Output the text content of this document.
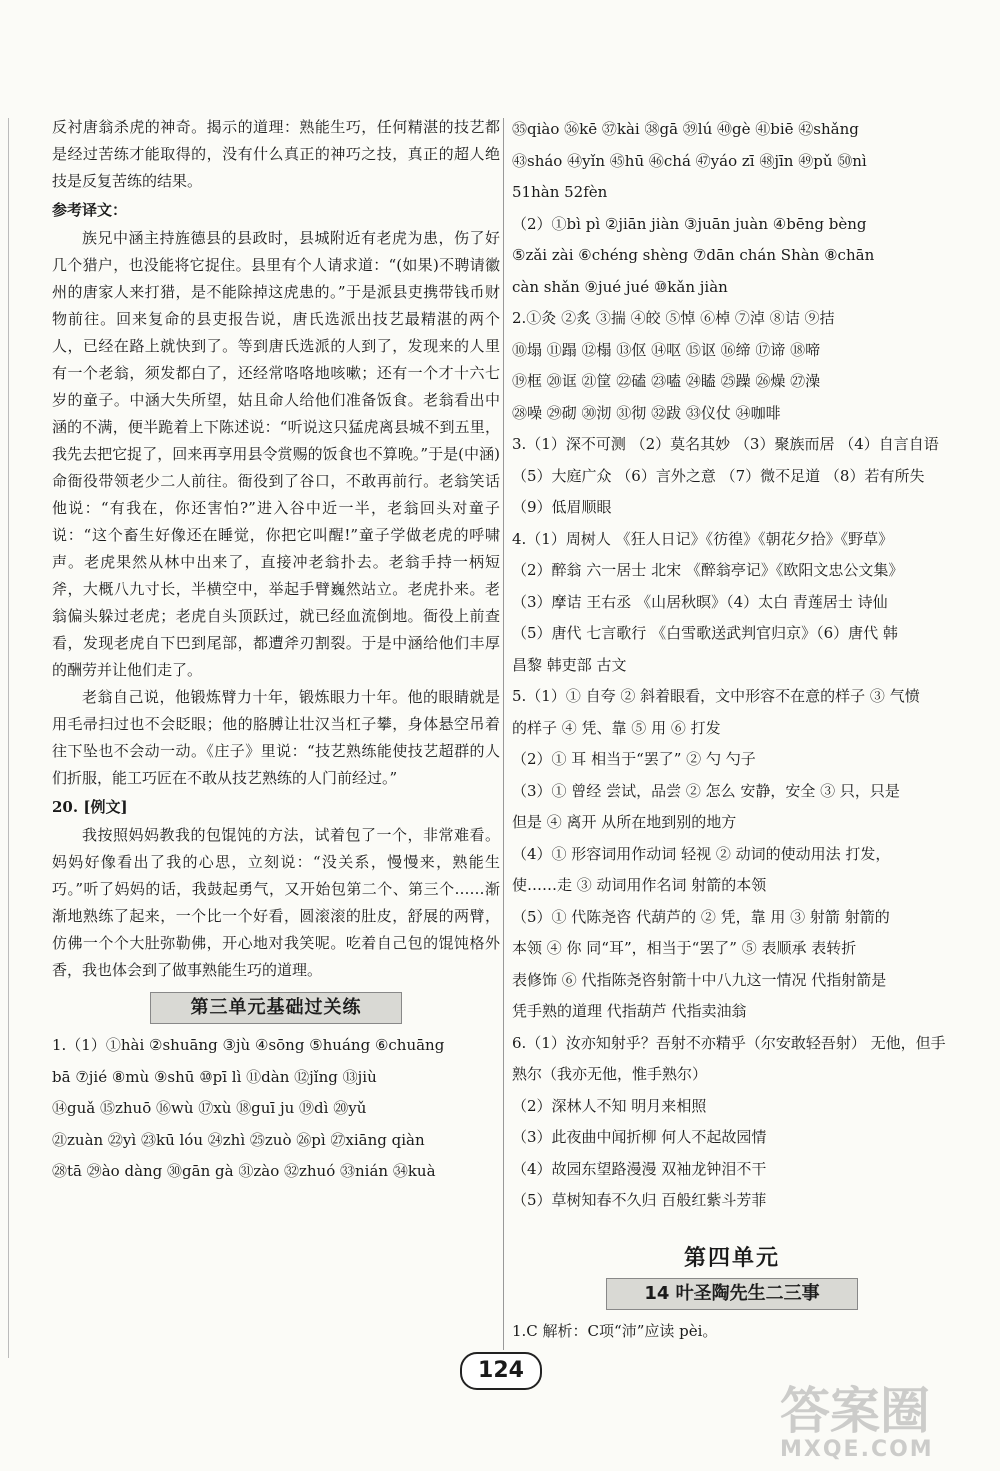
反衬唐翁杀虎的神奇。揭示的道理：熟能生巧，任何精湛的技艺都是经过苦练才能取得的，没有什么真正的神巧之技，真正的超人绝技是反复苦练的结果。

参考译文：

族兄中涵主持旌德县的县政时，县城附近有老虎为患，伤了好几个猎户，也没能将它捉住。县里有个人请求道：“(如果)不聘请徽州的唐家人来打猎，是不能除掉这虎患的。”于是派县吏携带钱币财物前往。回来复命的县吏报告说，唐氏选派出技艺最精湛的两个人，已经在路上就快到了。等到唐氏选派的人到了，发现来的人里有一个老翁，须发都白了，还经常咯咯地咳嗽；还有一个才十六七岁的童子。中涵大失所望，姑且命人给他们准备饭食。老翁看出中涵的不满，便半跪着上下陈述说：“听说这只猛虎离县城不到五里，我先去把它捉了，回来再享用县令赏赐的饭食也不算晚。”于是(中涵)命衙役带领老少二人前往。衙役到了谷口，不敢再前行。老翁笑话他说：“有我在，你还害怕?”进入谷中近一半，老翁回头对童子说：“这个畜生好像还在睡觉，你把它叫醒!”童子学做老虎的呼啸声。老虎果然从林中出来了，直接冲老翁扑去。老翁手持一柄短斧，大概八九寸长，半横空中，举起手臂巍然站立。老虎扑来。老翁偏头躲过老虎；老虎自头顶跃过，就已经血流倒地。衙役上前查看，发现老虎自下巴到尾部，都遭斧刃割裂。于是中涵给他们丰厚的酬劳并让他们走了。

老翁自己说，他锻炼臂力十年，锻炼眼力十年。他的眼睛就是用毛帚扫过也不会眨眼；他的胳膊让壮汉当杠子攀，身体悬空吊着往下坠也不会动一动。《庄子》里说：“技艺熟练能使技艺超群的人们折服，能工巧匠在不敢从技艺熟练的人门前经过。”

20. [例文]

我按照妈妈教我的包馄饨的方法，试着包了一个，非常难看。妈妈好像看出了我的心思，立刻说：“没关系，慢慢来，熟能生巧。”听了妈妈的话，我鼓起勇气，又开始包第二个、第三个……渐渐地熟练了起来，一个比一个好看，圆滚滚的肚皮，舒展的两臂，仿佛一个个大肚弥勒佛，开心地对我笑呢。吃着自己包的馄饨格外香，我也体会到了做事熟能生巧的道理。

第三单元基础过关练

1.（1）①hài ②shuāng ③jù ④sōng ⑤huáng ⑥chuāng

bā ⑦jié ⑧mù ⑨shū ⑩pī lì ⑪dàn ⑫jǐng ⑬jiù

⑭guǎ ⑮zhuō ⑯wù ⑰xù ⑱guī ju ⑲dì ⑳yǔ

㉑zuàn ㉒yì ㉓kū lóu ㉔zhì ㉕zuò ㉖pì ㉗xiāng qiàn

㉘tā ㉙ào dàng ㉚gān gà ㉛zào ㉜zhuó ㉝nián ㉞kuà

㉟qiào ㊱kē ㊲kài ㊳gā ㊴lú ㊵gè ㊶biē ㊷shǎng

㊸sháo ㊹yǐn ㊺hū ㊻chá ㊼yáo zī ㊽jīn ㊾pǔ ㊿nì

51hàn 52fèn

（2）①bì pì ②jiān jiàn ③juān juàn ④bēng bèng

⑤zǎi zài ⑥chéng shèng ⑦dān chán Shàn ⑧chān

càn shǎn ⑨jué jué ⑩kǎn jiàn

2.①灸 ②炙 ③揣 ④皎 ⑤悼 ⑥棹 ⑦淖 ⑧诘 ⑨拮

⑩塌 ⑪蹋 ⑫榻 ⑬伛 ⑭呕 ⑮讴 ⑯缔 ⑰谛 ⑱啼

⑲框 ⑳诓 ㉑筐 ㉒磕 ㉓嗑 ㉔瞌 ㉕躁 ㉖燥 ㉗澡

㉘噪 ㉙砌 ㉚沏 ㉛彻 ㉜跋 ㉝仪仗 ㉞咖啡

3.（1）深不可测 （2）莫名其妙 （3）聚族而居 （4）自言自语

（5）大庭广众 （6）言外之意 （7）微不足道 （8）若有所失

（9）低眉顺眼

4.（1）周树人 《狂人日记》《彷徨》《朝花夕拾》《野草》

（2）醉翁 六一居士 北宋 《醉翁亭记》《欧阳文忠公文集》

（3）摩诘 王右丞 《山居秋暝》（4）太白 青莲居士 诗仙

（5）唐代 七言歌行 《白雪歌送武判官归京》（6）唐代 韩

昌黎 韩吏部 古文

5.（1）① 自夸 ② 斜着眼看，文中形容不在意的样子 ③ 气愤

的样子 ④ 凭、靠 ⑤ 用 ⑥ 打发

（2）① 耳 相当于“罢了” ② 勺 勺子

（3）① 曾经 尝试，品尝 ② 怎么 安静，安全 ③ 只，只是

但是 ④ 离开 从所在地到别的地方

（4）① 形容词用作动词 轻视 ② 动词的使动用法 打发，

使……走 ③ 动词用作名词 射箭的本领

（5）① 代陈尧咨 代葫芦的 ② 凭，靠 用 ③ 射箭 射箭的

本领 ④ 你 同“耳”，相当于“罢了” ⑤ 表顺承 表转折

表修饰 ⑥ 代指陈尧咨射箭十中八九这一情况 代指射箭是

凭手熟的道理 代指葫芦 代指卖油翁

6.（1）汝亦知射乎？吾射不亦精乎（尔安敢轻吾射） 无他，但手

熟尔（我亦无他，惟手熟尔）

（2）深林人不知 明月来相照

（3）此夜曲中闻折柳 何人不起故园情

（4）故园东望路漫漫 双袖龙钟泪不干

（5）草树知春不久归 百般红紫斗芳菲

第四单元
14 叶圣陶先生二三事

1.C 解析：C项“沛”应读 pèi。

124
答案圈
MXQE.COM
